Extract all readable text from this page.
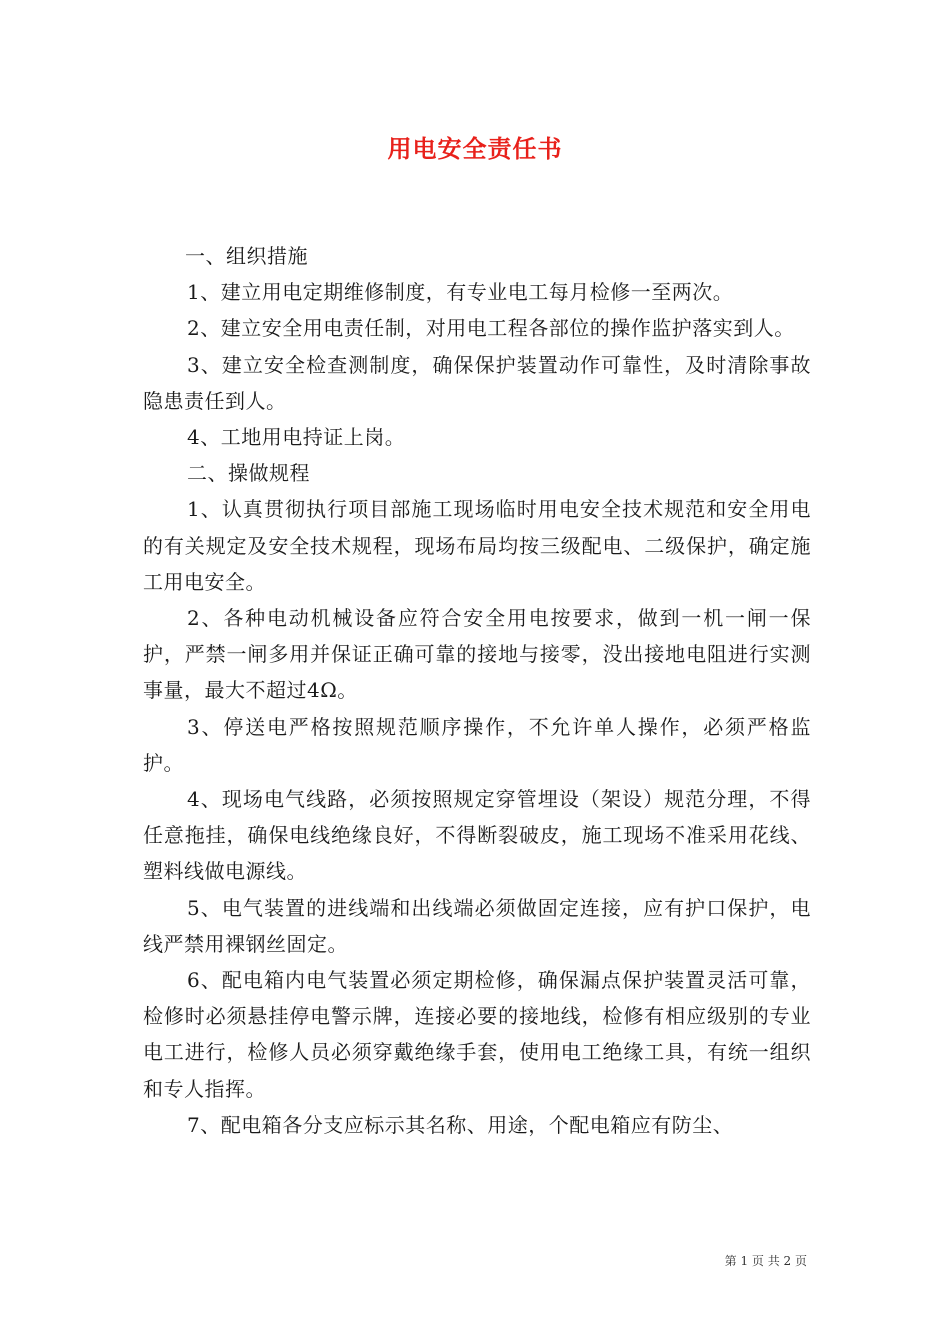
用电安全责任书

一、组织措施

1、建立用电定期维修制度，有专业电工每月检修一至两次。

2、建立安全用电责任制，对用电工程各部位的操作监护落实到人。

3、建立安全检查测制度，确保保护装置动作可靠性，及时清除事故隐患责任到人。

4、工地用电持证上岗。

二、操做规程

1、认真贯彻执行项目部施工现场临时用电安全技术规范和安全用电的有关规定及安全技术规程，现场布局均按三级配电、二级保护，确定施工用电安全。

2、各种电动机械设备应符合安全用电按要求，做到一机一闸一保护，严禁一闸多用并保证正确可靠的接地与接零，没出接地电阻进行实测事量，最大不超过4Ω。

3、停送电严格按照规范顺序操作，不允许单人操作，必须严格监护。

4、现场电气线路，必须按照规定穿管埋设（架设）规范分理，不得任意拖挂，确保电线绝缘良好，不得断裂破皮，施工现场不准采用花线、塑料线做电源线。

5、电气装置的进线端和出线端必须做固定连接，应有护口保护，电线严禁用裸钢丝固定。

6、配电箱内电气装置必须定期检修，确保漏点保护装置灵活可靠，检修时必须悬挂停电警示牌，连接必要的接地线，检修有相应级别的专业电工进行，检修人员必须穿戴绝缘手套，使用电工绝缘工具，有统一组织和专人指挥。

7、配电箱各分支应标示其名称、用途，个配电箱应有防尘、

第 1 页 共 2 页
